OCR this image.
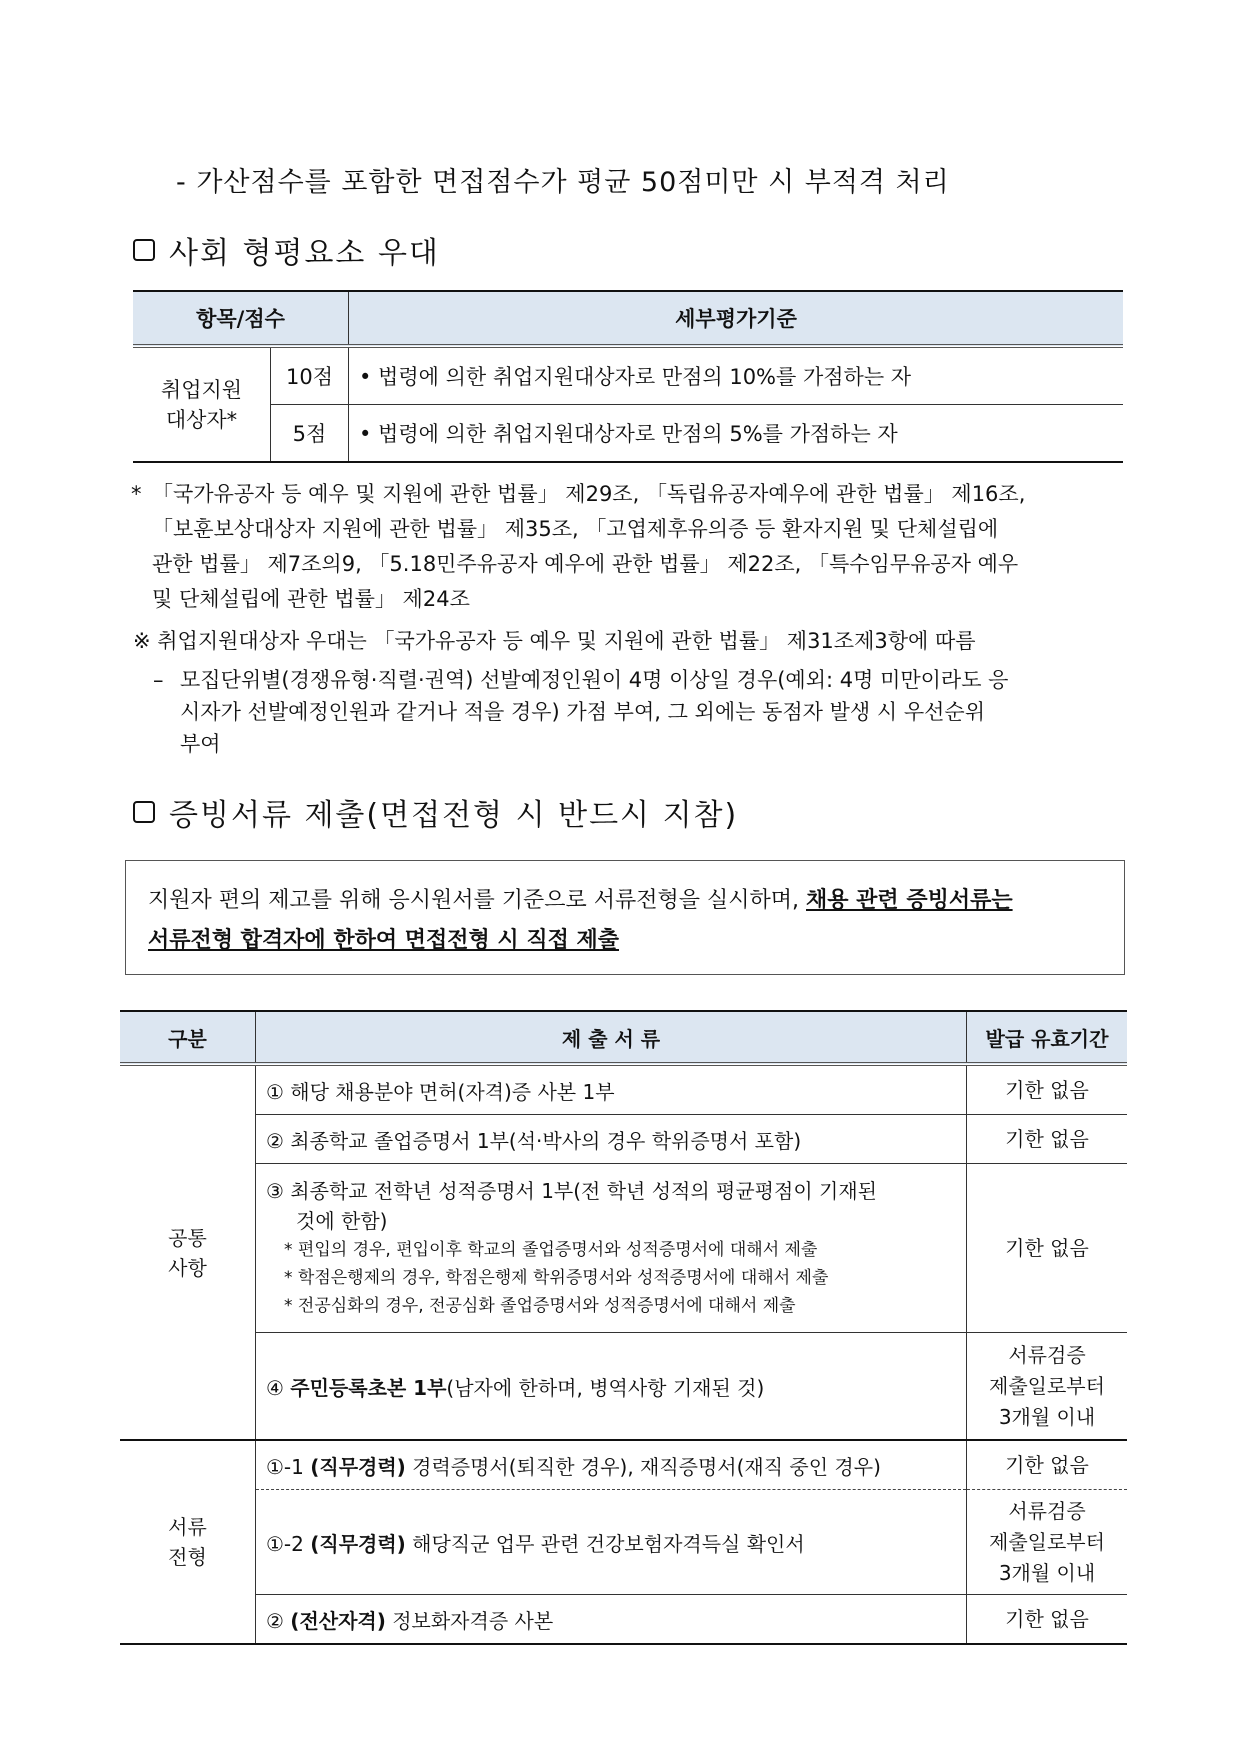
- 가산점수를 포함한 면접점수가 평균 50점미만 시 부적격 처리
사회 형평요소 우대
항목/점수		세부평가기준

취업지원
대상자*	10점	• 법령에 의한 취업지원대상자로 만점의 10%를 가점하는 자
	5점	• 법령에 의한 취업지원대상자로 만점의 5%를 가점하는 자
* 「국가유공자 등 예우 및 지원에 관한 법률」 제29조, 「독립유공자예우에 관한 법률」 제16조,
「보훈보상대상자 지원에 관한 법률」 제35조, 「고엽제후유의증 등 환자지원 및 단체설립에
관한 법률」 제7조의9, 「5.18민주유공자 예우에 관한 법률」 제22조, 「특수임무유공자 예우
및 단체설립에 관한 법률」 제24조
※ 취업지원대상자 우대는 「국가유공자 등 예우 및 지원에 관한 법률」 제31조제3항에 따름
– 모집단위별(경쟁유형·직렬·권역) 선발예정인원이 4명 이상일 경우(예외: 4명 미만이라도 응
시자가 선발예정인원과 같거나 적을 경우) 가점 부여, 그 외에는 동점자 발생 시 우선순위
부여
증빙서류 제출(면접전형 시 반드시 지참)
지원자 편의 제고를 위해 응시원서를 기준으로 서류전형을 실시하며, 채용 관련 증빙서류는
서류전형 합격자에 한하여 면접전형 시 직접 제출
구분	제 출 서 류	발급 유효기간

공통
사항	① 해당 채용분야 면허(자격)증 사본 1부	기한 없음
	② 최종학교 졸업증명서 1부(석·박사의 경우 학위증명서 포함)	기한 없음

	③ 최종학교 전학년 성적증명서 1부(전 학년 성적의 평균평점이 기재된
것에 한함)
* 편입의 경우, 편입이후 학교의 졸업증명서와 성적증명서에 대해서 제출
* 학점은행제의 경우, 학점은행제 학위증명서와 성적증명서에 대해서 제출
* 전공심화의 경우, 전공심화 졸업증명서와 성적증명서에 대해서 제출	기한 없음
	④ 주민등록초본 1부(남자에 한하며, 병역사항 기재된 것)	서류검증
제출일로부터
3개월 이내

서류
전형	①-1 (직무경력) 경력증명서(퇴직한 경우), 재직증명서(재직 중인 경우)	기한 없음
	①-2 (직무경력) 해당직군 업무 관련 건강보험자격득실 확인서	서류검증
제출일로부터
3개월 이내

	② (전산자격) 정보화자격증 사본	기한 없음
